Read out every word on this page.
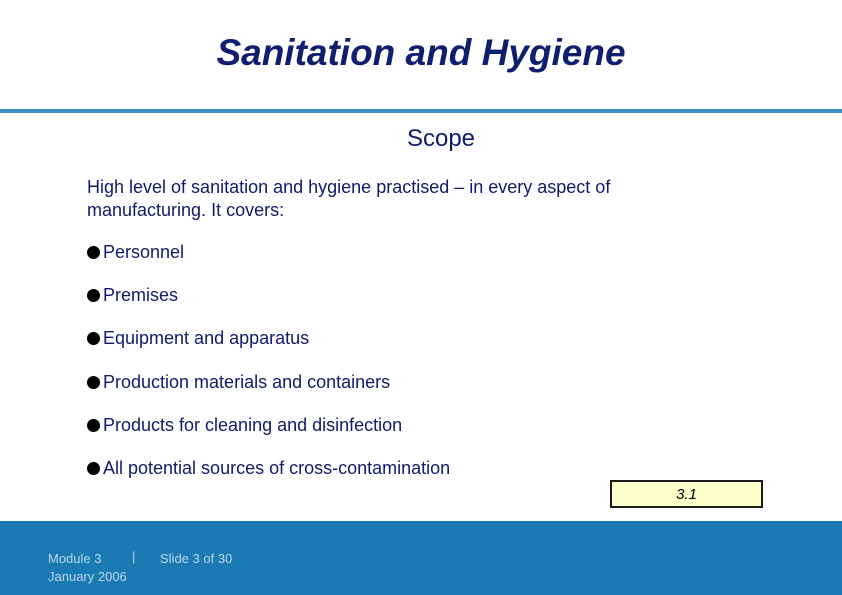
Sanitation and Hygiene
Scope
High level of sanitation and hygiene practised – in every aspect of manufacturing. It covers:
Personnel
Premises
Equipment and apparatus
Production materials and containers
Products for cleaning and disinfection
All potential sources of cross-contamination
3.1
Module 3 | Slide 3 of 30
January 2006
